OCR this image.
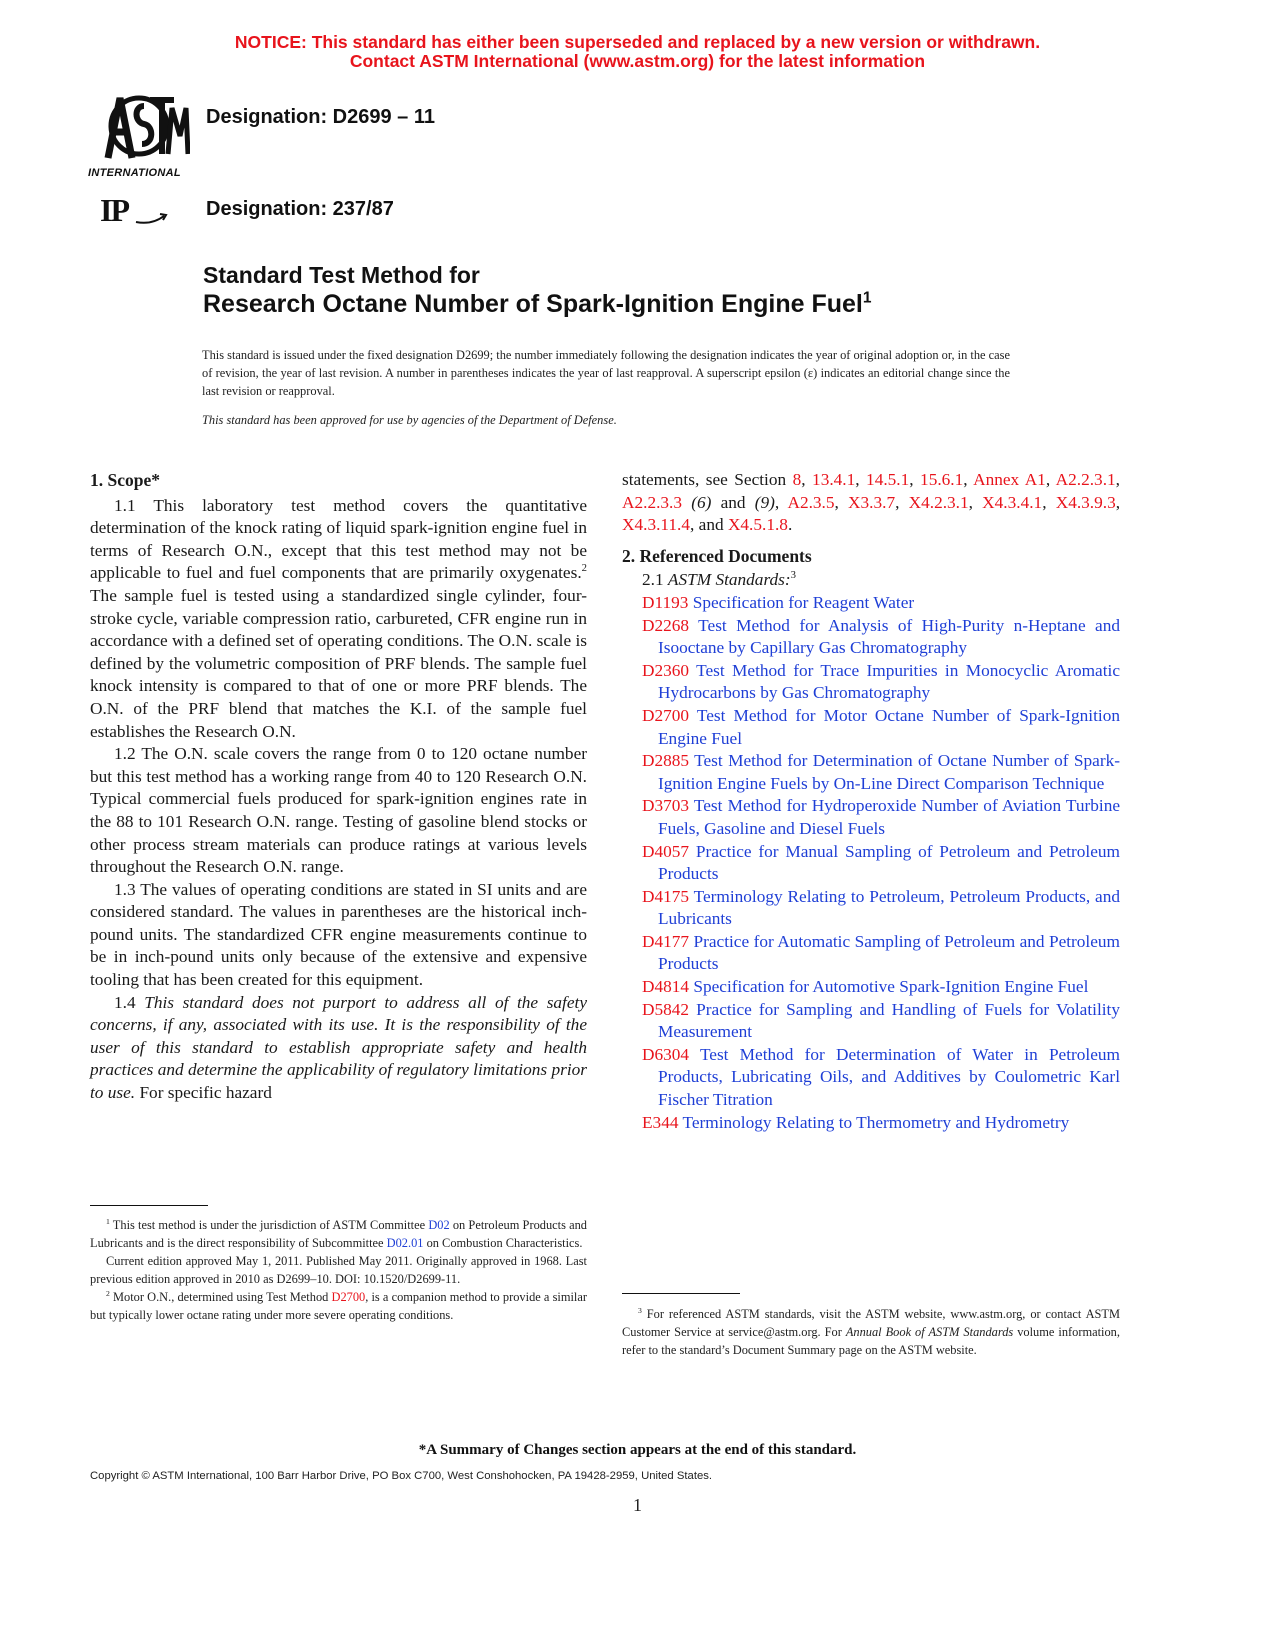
NOTICE: This standard has either been superseded and replaced by a new version or withdrawn.
Contact ASTM International (www.astm.org) for the latest information
INTERNATIONAL
Designation: D2699 – 11
IP	Designation: 237/87
Standard Test Method for
Research Octane Number of Spark-Ignition Engine Fuel$^1$
This standard is issued under the fixed designation D2699; the number immediately following the designation indicates the year of original adoption or, in the case of revision, the year of last revision. A number in parentheses indicates the year of last reapproval. A superscript epsilon (ε) indicates an editorial change since the last revision or reapproval.
This standard has been approved for use by agencies of the Department of Defense.

1. Scope*

1.1 This laboratory test method covers the quantitative determination of the knock rating of liquid spark-ignition engine fuel in terms of Research O.N., except that this test method may not be applicable to fuel and fuel components that are primarily oxygenates.$^2$ The sample fuel is tested using a standardized single cylinder, four-stroke cycle, variable compression ratio, carbureted, CFR engine run in accordance with a defined set of operating conditions. The O.N. scale is defined by the volumetric composition of PRF blends. The sample fuel knock intensity is compared to that of one or more PRF blends. The O.N. of the PRF blend that matches the K.I. of the sample fuel establishes the Research O.N.

1.2 The O.N. scale covers the range from 0 to 120 octane number but this test method has a working range from 40 to 120 Research O.N. Typical commercial fuels produced for spark-ignition engines rate in the 88 to 101 Research O.N. range. Testing of gasoline blend stocks or other process stream materials can produce ratings at various levels throughout the Research O.N. range.

1.3 The values of operating conditions are stated in SI units and are considered standard. The values in parentheses are the historical inch-pound units. The standardized CFR engine measurements continue to be in inch-pound units only because of the extensive and expensive tooling that has been created for this equipment.

1.4 This standard does not purport to address all of the safety concerns, if any, associated with its use. It is the responsibility of the user of this standard to establish appropriate safety and health practices and determine the applicability of regulatory limitations prior to use. For specific hazard

$^1$ This test method is under the jurisdiction of ASTM Committee D02 on Petroleum Products and Lubricants and is the direct responsibility of Subcommittee D02.01 on Combustion Characteristics.

Current edition approved May 1, 2011. Published May 2011. Originally approved in 1968. Last previous edition approved in 2010 as D2699–10. DOI: 10.1520/D2699-11.

$^2$ Motor O.N., determined using Test Method D2700, is a companion method to provide a similar but typically lower octane rating under more severe operating conditions.

statements, see Section 8, 13.4.1, 14.5.1, 15.6.1, Annex A1, A2.2.3.1, A2.2.3.3 (6) and (9), A2.3.5, X3.3.7, X4.2.3.1, X4.3.4.1, X4.3.9.3, X4.3.11.4, and X4.5.1.8.

2. Referenced Documents

2.1 ASTM Standards:$^3$

D1193 Specification for Reagent Water

D2268 Test Method for Analysis of High-Purity n-Heptane and Isooctane by Capillary Gas Chromatography

D2360 Test Method for Trace Impurities in Monocyclic Aromatic Hydrocarbons by Gas Chromatography

D2700 Test Method for Motor Octane Number of Spark-Ignition Engine Fuel

D2885 Test Method for Determination of Octane Number of Spark-Ignition Engine Fuels by On-Line Direct Comparison Technique

D3703 Test Method for Hydroperoxide Number of Aviation Turbine Fuels, Gasoline and Diesel Fuels

D4057 Practice for Manual Sampling of Petroleum and Petroleum Products

D4175 Terminology Relating to Petroleum, Petroleum Products, and Lubricants

D4177 Practice for Automatic Sampling of Petroleum and Petroleum Products

D4814 Specification for Automotive Spark-Ignition Engine Fuel

D5842 Practice for Sampling and Handling of Fuels for Volatility Measurement

D6304 Test Method for Determination of Water in Petroleum Products, Lubricating Oils, and Additives by Coulometric Karl Fischer Titration

E344 Terminology Relating to Thermometry and Hydrometry

$^3$ For referenced ASTM standards, visit the ASTM website, www.astm.org, or contact ASTM Customer Service at service@astm.org. For Annual Book of ASTM Standards volume information, refer to the standard’s Document Summary page on the ASTM website.

*A Summary of Changes section appears at the end of this standard.
Copyright © ASTM International, 100 Barr Harbor Drive, PO Box C700, West Conshohocken, PA 19428-2959, United States.
1
